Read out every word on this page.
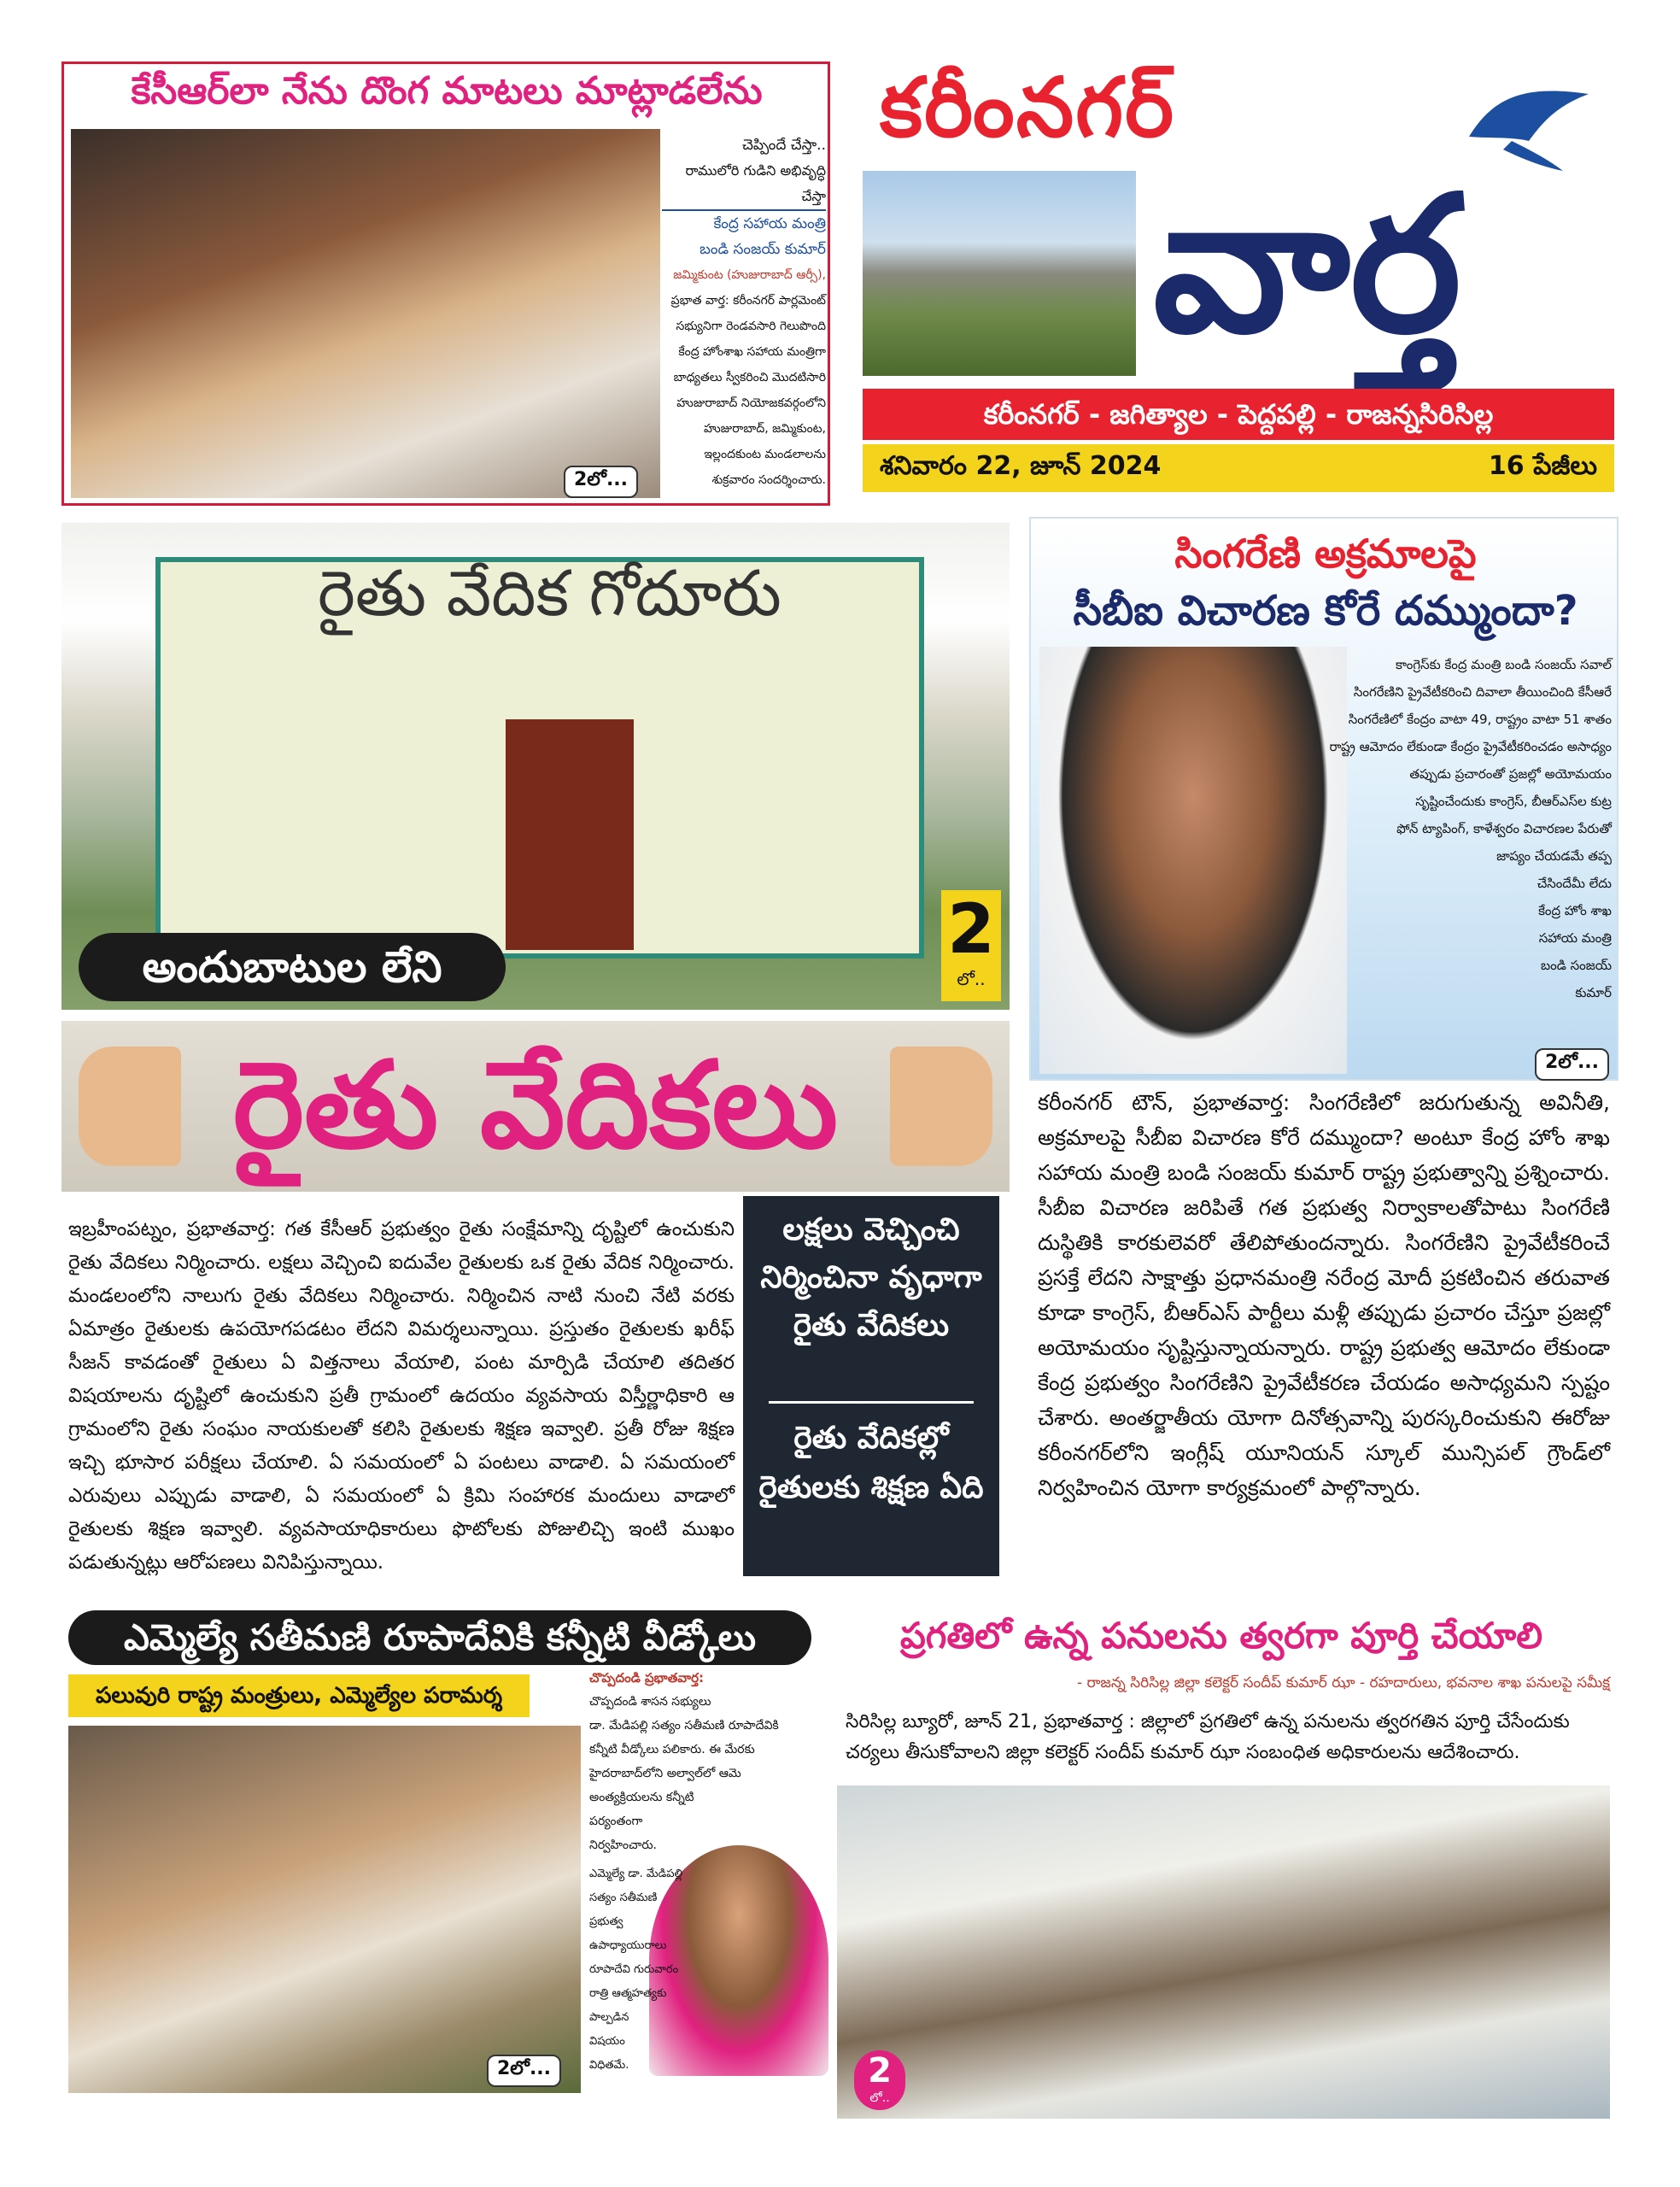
కేసీఆర్‌లా నేను దొంగ మాటలు మాట్లాడలేను
2లో...
చెప్పిందే చేస్తా..
రాములోరి గుడిని అభివృద్ధి చేస్తా
కేంద్ర సహాయ మంత్రి
బండి సంజయ్ కుమార్
జమ్మికుంట (హుజురాబాద్ ఆర్సీ),
ప్రభాత వార్త: కరీంనగర్ పార్లమెంట్
సభ్యునిగా రెండవసారి గెలుపొంది
కేంద్ర హోంశాఖ సహాయ మంత్రిగా
బాధ్యతలు స్వీకరించి మొదటిసారి
హుజురాబాద్ నియోజకవర్గంలోని
హుజురాబాద్, జమ్మికుంట,
ఇల్లందకుంట మండలాలను
శుక్రవారం సందర్శించారు.
కరీంనగర్
వార్త
కరీంనగర్ - జగిత్యాల - పెద్దపల్లి - రాజన్నసిరిసిల్ల
శనివారం 22, జూన్ 2024	16 పేజీలు
రైతు వేదిక గోదూరు
అందుబాటుల లేని	2
లో..
రైతు వేదికలు
ఇబ్రహీంపట్నం, ప్రభాతవార్త: గత కేసీఆర్ ప్రభుత్వం రైతు సంక్షేమాన్ని దృష్టిలో ఉంచుకుని రైతు వేదికలు నిర్మించారు. లక్షలు వెచ్చించి ఐదువేల రైతులకు ఒక రైతు వేదిక నిర్మించారు. మండలంలోని నాలుగు రైతు వేదికలు నిర్మించారు. నిర్మించిన నాటి నుంచి నేటి వరకు ఏమాత్రం రైతులకు ఉపయోగపడటం లేదని విమర్శలున్నాయి. ప్రస్తుతం రైతులకు ఖరీఫ్ సీజన్ కావడంతో రైతులు ఏ విత్తనాలు వేయాలి, పంట మార్పిడి చేయాలి తదితర విషయాలను దృష్టిలో ఉంచుకుని ప్రతీ గ్రామంలో ఉదయం వ్యవసాయ విస్తీర్ణాధికారి ఆ గ్రామంలోని రైతు సంఘం నాయకులతో కలిసి రైతులకు శిక్షణ ఇవ్వాలి. ప్రతీ రోజు శిక్షణ ఇచ్చి భూసార పరీక్షలు చేయాలి. ఏ సమయంలో ఏ పంటలు వాడాలి. ఏ సమయంలో ఎరువులు ఎప్పుడు వాడాలి, ఏ సమయంలో ఏ క్రిమి సంహారక మందులు వాడాలో రైతులకు శిక్షణ ఇవ్వాలి. వ్యవసాయాధికారులు ఫొటోలకు పోజులిచ్చి ఇంటి ముఖం పడుతున్నట్లు ఆరోపణలు వినిపిస్తున్నాయి.
లక్షలు వెచ్చించి నిర్మించినా వృధాగా రైతు వేదికలు
రైతు వేదికల్లో రైతులకు శిక్షణ ఏది
సింగరేణి అక్రమాలపై
సీబీఐ విచారణ కోరే దమ్ముందా?
కాంగ్రెస్‌కు కేంద్ర మంత్రి బండి సంజయ్ సవాల్
సింగరేణిని ప్రైవేటీకరించి దివాలా తీయించింది కేసీఆరే
సింగరేణిలో కేంద్రం వాటా 49, రాష్ట్రం వాటా 51 శాతం
రాష్ట్ర ఆమోదం లేకుండా కేంద్రం ప్రైవేటీకరించడం అసాధ్యం
తప్పుడు ప్రచారంతో ప్రజల్లో అయోమయం
సృష్టించేందుకు కాంగ్రెస్, బీఆర్ఎస్‌ల కుట్ర
ఫోన్ ట్యాపింగ్, కాళేశ్వరం విచారణల పేరుతో
జాప్యం చేయడమే తప్ప
చేసిందేమీ లేదు
కేంద్ర హోం శాఖ
సహాయ మంత్రి
బండి సంజయ్
కుమార్
2లో...
కరీంనగర్ టౌన్, ప్రభాతవార్త: సింగరేణిలో జరుగుతున్న అవినీతి, అక్రమాలపై సీబీఐ విచారణ కోరే దమ్ముందా? అంటూ కేంద్ర హోం శాఖ సహాయ మంత్రి బండి సంజయ్ కుమార్ రాష్ట్ర ప్రభుత్వాన్ని ప్రశ్నించారు. సీబీఐ విచారణ జరిపితే గత ప్రభుత్వ నిర్వాకాలతోపాటు సింగరేణి దుస్థితికి కారకులెవరో తేలిపోతుందన్నారు. సింగరేణిని ప్రైవేటీకరించే ప్రసక్తే లేదని సాక్షాత్తు ప్రధానమంత్రి నరేంద్ర మోదీ ప్రకటించిన తరువాత కూడా కాంగ్రెస్, బీఆర్ఎస్ పార్టీలు మళ్లీ తప్పుడు ప్రచారం చేస్తూ ప్రజల్లో అయోమయం సృష్టిస్తున్నాయన్నారు. రాష్ట్ర ప్రభుత్వ ఆమోదం లేకుండా కేంద్ర ప్రభుత్వం సింగరేణిని ప్రైవేటీకరణ చేయడం అసాధ్యమని స్పష్టం చేశారు. అంతర్జాతీయ యోగా దినోత్సవాన్ని పురస్కరించుకుని ఈరోజు కరీంనగర్‌లోని ఇంగ్లీష్ యూనియన్ స్కూల్ మున్సిపల్ గ్రౌండ్‌లో నిర్వహించిన యోగా కార్యక్రమంలో పాల్గొన్నారు.
ఎమ్మెల్యే సతీమణి రూపాదేవికి కన్నీటి వీడ్కోలు
పలువురి రాష్ట్ర మంత్రులు, ఎమ్మెల్యేల పరామర్శ
2లో...
చొప్పదండి ప్రభాతవార్త:
చొప్పదండి శాసన సభ్యులు
డా. మేడిపల్లి సత్యం సతీమణి రూపాదేవికి
కన్నీటి వీడ్కోలు పలికారు. ఈ మేరకు
హైదరాబాద్‌లోని అల్వాల్‌లో ఆమె
అంత్యక్రియలను కన్నీటి
పర్యంతంగా
నిర్వహించారు.
ఎమ్మెల్యే డా. మేడిపల్లి
సత్యం సతీమణి ప్రభుత్వ
ఉపాధ్యాయురాలు
రూపాదేవి గురువారం
రాత్రి ఆత్మహత్యకు
పాల్పడిన
విషయం
విధితమే.
ప్రగతిలో ఉన్న పనులను త్వరగా పూర్తి చేయాలి
- రాజన్న సిరిసిల్ల జిల్లా కలెక్టర్ సందీప్ కుమార్ ఝా - రహదారులు, భవనాల శాఖ పనులపై సమీక్ష
సిరిసిల్ల బ్యూరో, జూన్ 21, ప్రభాతవార్త : జిల్లాలో ప్రగతిలో ఉన్న పనులను త్వరగతిన పూర్తి చేసేందుకు చర్యలు తీసుకోవాలని జిల్లా కలెక్టర్ సందీప్ కుమార్ ఝా సంబంధిత అధికారులను ఆదేశించారు.
2
లో..
